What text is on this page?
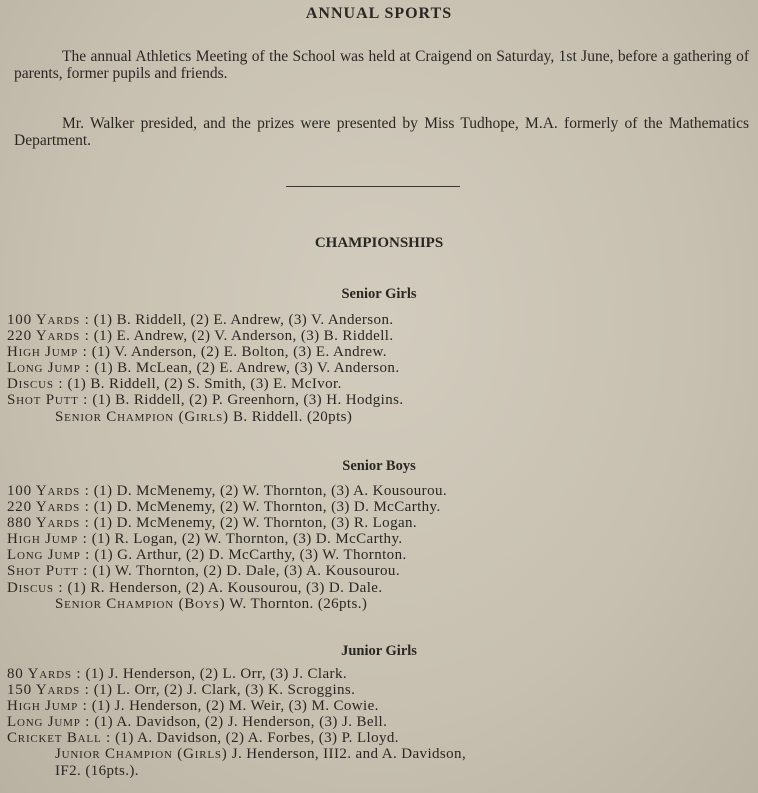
ANNUAL SPORTS

The annual Athletics Meeting of the School was held at Craigend on Saturday, 1st June, before a gathering of parents, former pupils and friends.

Mr. Walker presided, and the prizes were presented by Miss Tudhope, M.A. formerly of the Mathematics Department.

CHAMPIONSHIPS
Senior Girls
100 Yards : (1) B. Riddell, (2) E. Andrew, (3) V. Anderson.
220 Yards : (1) E. Andrew, (2) V. Anderson, (3) B. Riddell.
High Jump : (1) V. Anderson, (2) E. Bolton, (3) E. Andrew.
Long Jump : (1) B. McLean, (2) E. Andrew, (3) V. Anderson.
Discus : (1) B. Riddell, (2) S. Smith, (3) E. McIvor.
Shot Putt : (1) B. Riddell, (2) P. Greenhorn, (3) H. Hodgins.
Senior Champion (Girls) B. Riddell. (20pts)
Senior Boys
100 Yards : (1) D. McMenemy, (2) W. Thornton, (3) A. Kousourou.
220 Yards : (1) D. McMenemy, (2) W. Thornton, (3) D. McCarthy.
880 Yards : (1) D. McMenemy, (2) W. Thornton, (3) R. Logan.
High Jump : (1) R. Logan, (2) W. Thornton, (3) D. McCarthy.
Long Jump : (1) G. Arthur, (2) D. McCarthy, (3) W. Thornton.
Shot Putt : (1) W. Thornton, (2) D. Dale, (3) A. Kousourou.
Discus : (1) R. Henderson, (2) A. Kousourou, (3) D. Dale.
Senior Champion (Boys) W. Thornton. (26pts.)
Junior Girls
80 Yards : (1) J. Henderson, (2) L. Orr, (3) J. Clark.
150 Yards : (1) L. Orr, (2) J. Clark, (3) K. Scroggins.
High Jump : (1) J. Henderson, (2) M. Weir, (3) M. Cowie.
Long Jump : (1) A. Davidson, (2) J. Henderson, (3) J. Bell.
Cricket Ball : (1) A. Davidson, (2) A. Forbes, (3) P. Lloyd.
Junior Champion (Girls) J. Henderson, III2. and A. Davidson,
IF2. (16pts.).
